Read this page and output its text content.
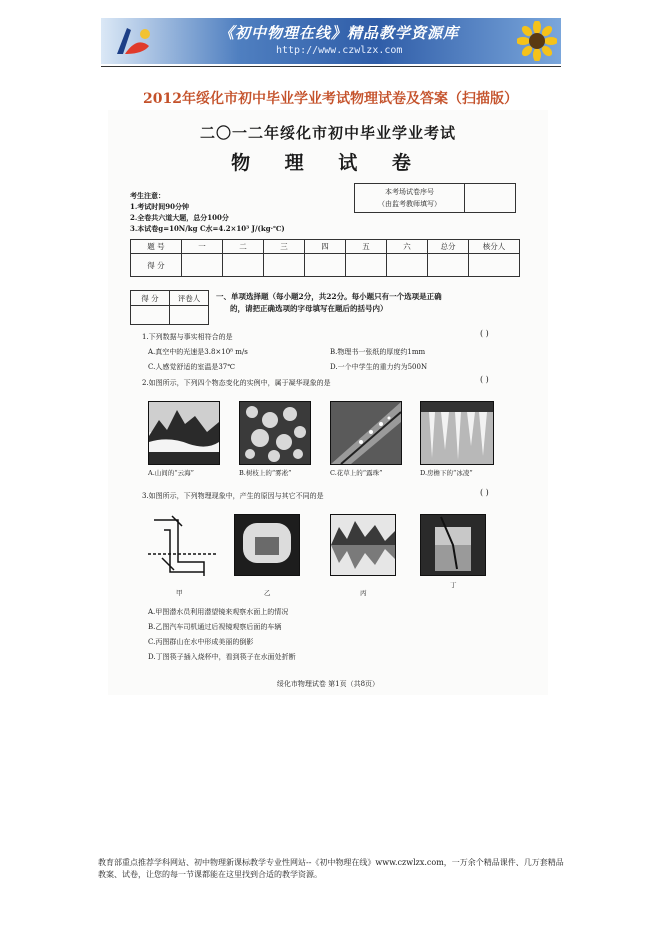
《初中物理在线》精品教学资源库
http://www.czwlzx.com
2012年绥化市初中毕业学业考试物理试卷及答案（扫描版）
二〇一二年绥化市初中毕业学业考试
物 理 试 卷
考生注意：
1.考试时间90分钟
2.全卷共六道大题，总分100分
3.本试卷g=10N/kg C水=4.2×10³ J/(kg·℃)
本考场试卷序号
（由监考教师填写）
题 号	一	二	三	四	五	六	总分	核分人
得 分								
得 分	评卷人
	一、单项选择题（每小题2分，共22分。每小题只有一个选项是正确
的，请把正确选项的字母填写在题后的括号内）
1.下列数据与事实相符合的是	( )
A.真空中的光速是3.8×10⁸ m/s	B.物理书一张纸的厚度约1mm
C.人感觉舒适的室温是37℃	D.一个中学生的重力约为500N
2.如图所示，下列四个物态变化的实例中，属于凝华现象的是	( )
A.山间的“云海”	B.树枝上的“雾凇”	C.花草上的“露珠”	D.房檐下的“冰凌”
3.如图所示，下列物理现象中，产生的原因与其它不同的是	( )
甲	乙	丙
丁
A.甲图潜水员利用潜望镜来观察水面上的情况
B.乙图汽车司机通过后视镜观察后面的车辆
C.丙图群山在水中形成美丽的倒影
D.丁图筷子插入烧杯中，看到筷子在水面处折断
绥化市物理试卷 第1页（共8页）
教育部重点推荐学科网站、初中物理新课标教学专业性网站--《初中物理在线》www.czwlzx.com，一万余个精品课件、几万套精品教案、试卷，让您的每一节课都能在这里找到合适的教学资源。
